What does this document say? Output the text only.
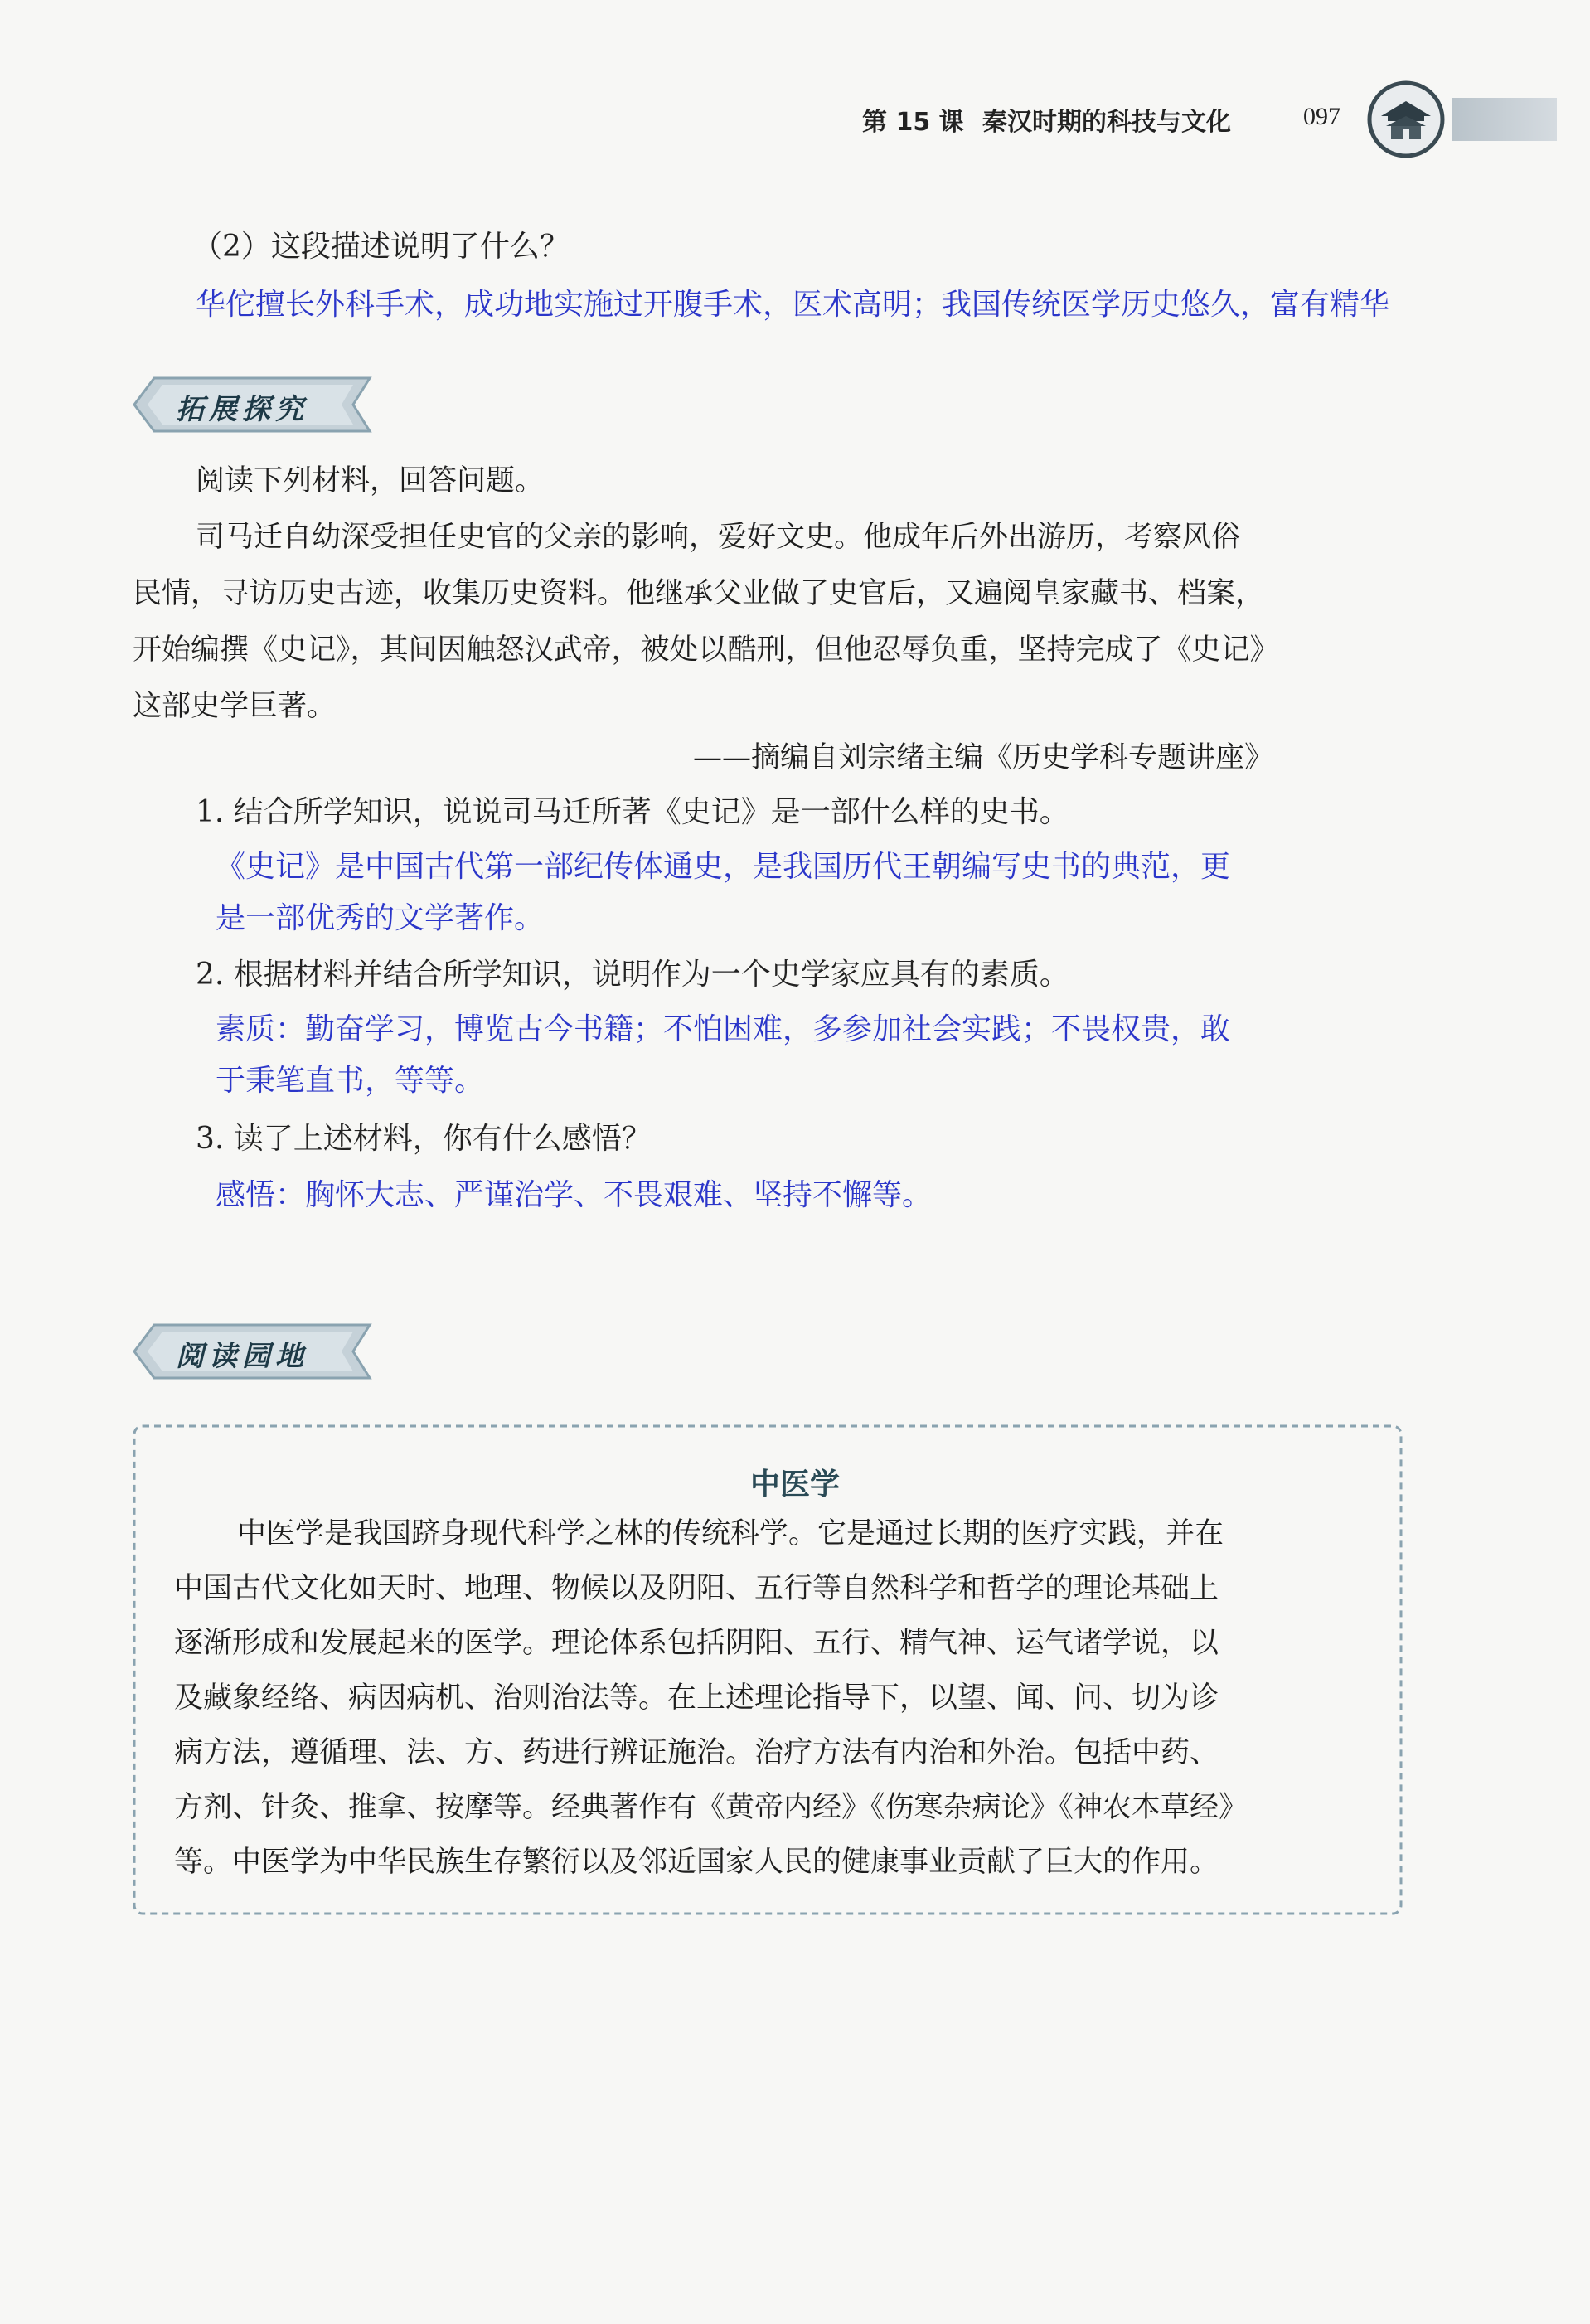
第 15 课 秦汉时期的科技与文化	097
（2）这段描述说明了什么？
华佗擅长外科手术，成功地实施过开腹手术，医术高明；我国传统医学历史悠久，富有精华
拓展探究
阅读下列材料，回答问题。
司马迁自幼深受担任史官的父亲的影响，爱好文史。他成年后外出游历，考察风俗
民情，寻访历史古迹，收集历史资料。他继承父业做了史官后，又遍阅皇家藏书、档案，
开始编撰《史记》，其间因触怒汉武帝，被处以酷刑，但他忍辱负重，坚持完成了《史记》
这部史学巨著。
——摘编自刘宗绪主编《历史学科专题讲座》
1. 结合所学知识，说说司马迁所著《史记》是一部什么样的史书。
《史记》是中国古代第一部纪传体通史，是我国历代王朝编写史书的典范，更
是一部优秀的文学著作。
2. 根据材料并结合所学知识，说明作为一个史学家应具有的素质。
素质：勤奋学习，博览古今书籍；不怕困难，多参加社会实践；不畏权贵，敢
于秉笔直书，等等。
3. 读了上述材料，你有什么感悟？
感悟：胸怀大志、严谨治学、不畏艰难、坚持不懈等。
阅读园地
中医学
中医学是我国跻身现代科学之林的传统科学。它是通过长期的医疗实践，并在
中国古代文化如天时、地理、物候以及阴阳、五行等自然科学和哲学的理论基础上
逐渐形成和发展起来的医学。理论体系包括阴阳、五行、精气神、运气诸学说，以
及藏象经络、病因病机、治则治法等。在上述理论指导下，以望、闻、问、切为诊
病方法，遵循理、法、方、药进行辨证施治。治疗方法有内治和外治。包括中药、
方剂、针灸、推拿、按摩等。经典著作有《黄帝内经》《伤寒杂病论》《神农本草经》
等。中医学为中华民族生存繁衍以及邻近国家人民的健康事业贡献了巨大的作用。
